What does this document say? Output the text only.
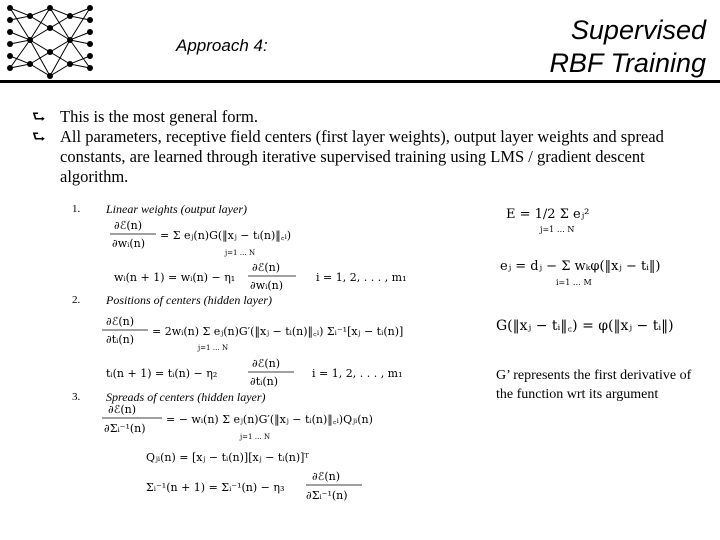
Approach 4:
Supervised
RBF Training
⮑ This is the most general form.
⮑ All parameters, receptive field centers (first layer weights), output layer weights and spread constants, are learned through iterative supervised training using LMS / gradient descent algorithm.
1. Linear weights (output layer)
2. Positions of centers (hidden layer)
3. Spreads of centers (hidden layer)
∂ℰ(n)
∂wᵢ(n)
= Σ eⱼ(n)G(‖xⱼ − tᵢ(n)‖꜀ᵢ)
j=1 … N
wᵢ(n + 1) = wᵢ(n) − η₁
∂ℰ(n)
∂wᵢ(n)
i = 1, 2, . . . , m₁
∂ℰ(n)
∂tᵢ(n)
= 2wᵢ(n) Σ eⱼ(n)G′(‖xⱼ − tᵢ(n)‖꜀ᵢ) Σᵢ⁻¹[xⱼ − tᵢ(n)]
j=1 … N
tᵢ(n + 1) = tᵢ(n) − η₂
∂ℰ(n)
∂tᵢ(n)
i = 1, 2, . . . , m₁
∂ℰ(n)
∂Σᵢ⁻¹(n)
= − wᵢ(n) Σ eⱼ(n)G′(‖xⱼ − tᵢ(n)‖꜀ᵢ)Qⱼᵢ(n)
j=1 … N
Qⱼᵢ(n) = [xⱼ − tᵢ(n)][xⱼ − tᵢ(n)]ᵀ
Σᵢ⁻¹(n + 1) = Σᵢ⁻¹(n) − η₃
∂ℰ(n)
∂Σᵢ⁻¹(n)
E = 1/2 Σ eⱼ²
j=1 … N
eⱼ = dⱼ − Σ wₖφ(‖xⱼ − tᵢ‖)
i=1 … M
G(‖xⱼ − tᵢ‖꜀) = φ(‖xⱼ − tᵢ‖)
G’ represents the first derivative of the function wrt its argument
